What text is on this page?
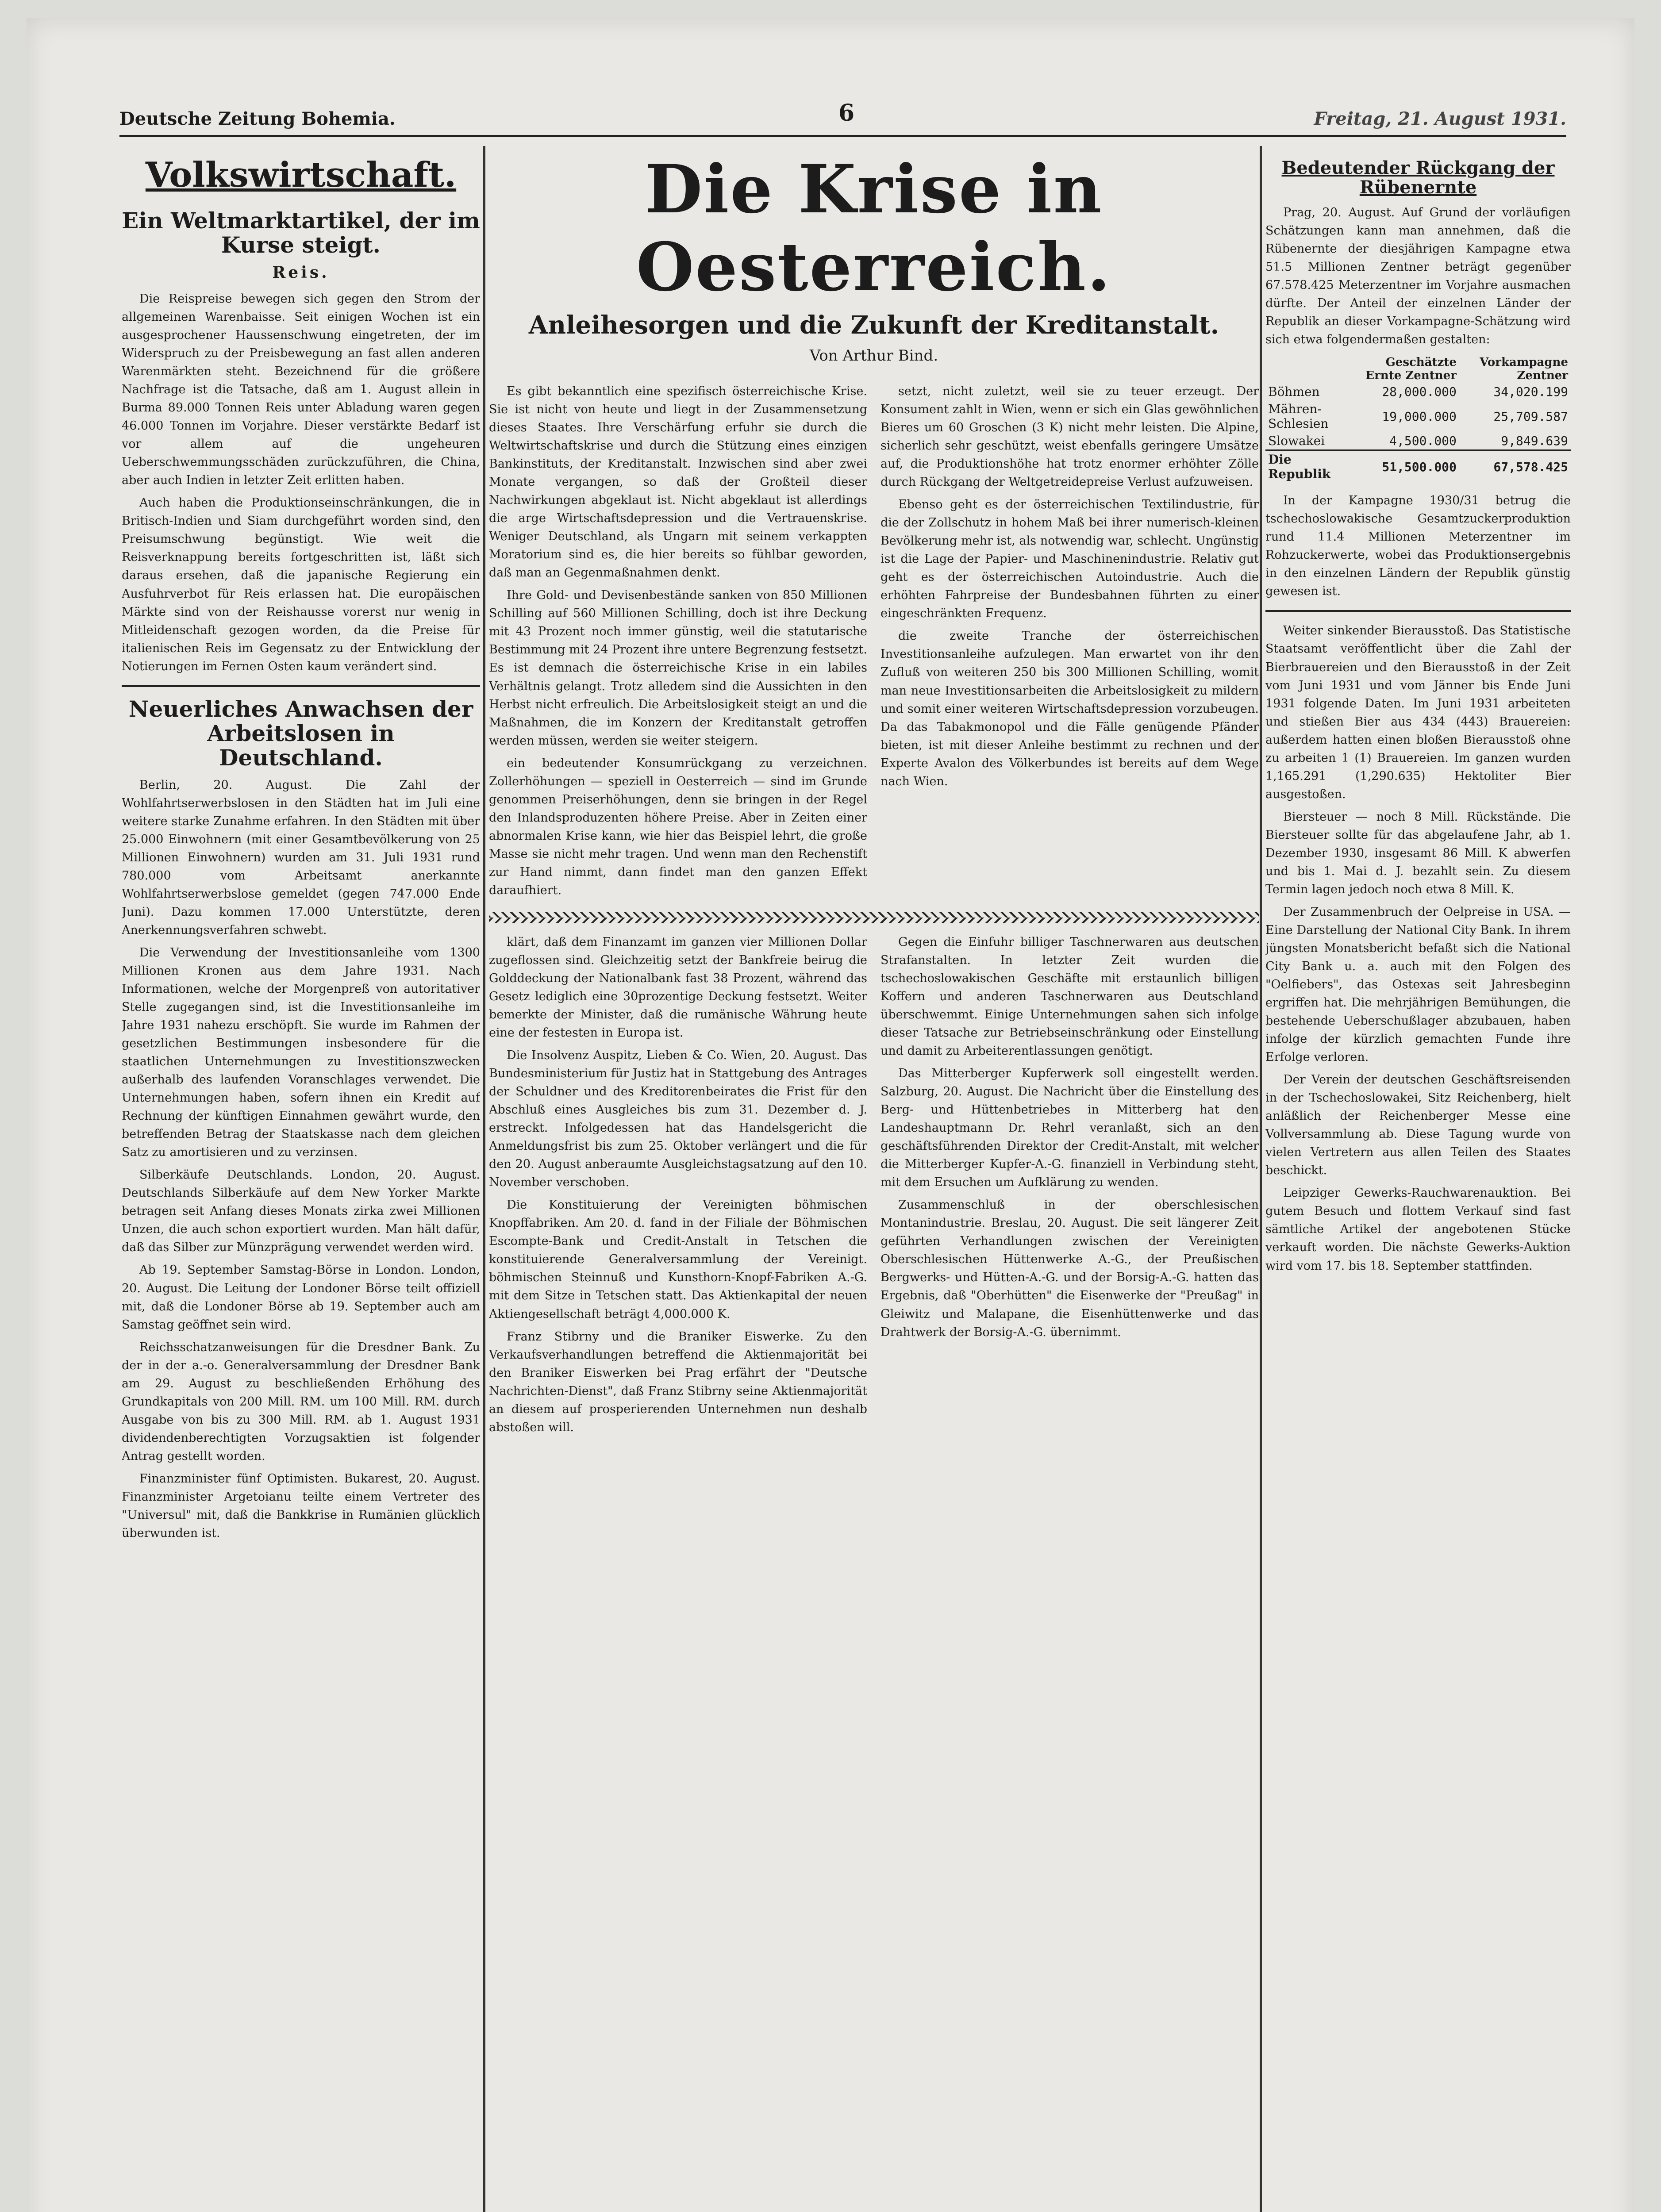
Deutsche Zeitung Bohemia.	6	Freitag, 21. August 1931.
Volkswirtschaft.
Ein Weltmarktartikel, der im Kurse steigt.
Reis.

Die Reispreise bewegen sich gegen den Strom der allgemeinen Warenbaisse. Seit einigen Wochen ist ein ausgesprochener Haussenschwung eingetreten, der im Widerspruch zu der Preisbewegung an fast allen anderen Warenmärkten steht. Bezeichnend für die größere Nachfrage ist die Tatsache, daß am 1. August allein in Burma 89.000 Tonnen Reis unter Abladung waren gegen 46.000 Tonnen im Vorjahre. Dieser verstärkte Bedarf ist vor allem auf die ungeheuren Ueberschwemmungsschäden zurückzuführen, die China, aber auch Indien in letzter Zeit erlitten haben.

Auch haben die Produktionseinschränkungen, die in Britisch-Indien und Siam durchgeführt worden sind, den Preisumschwung begünstigt. Wie weit die Reisverknappung bereits fortgeschritten ist, läßt sich daraus ersehen, daß die japanische Regierung ein Ausfuhrverbot für Reis erlassen hat. Die europäischen Märkte sind von der Reishausse vorerst nur wenig in Mitleidenschaft gezogen worden, da die Preise für italienischen Reis im Gegensatz zu der Entwicklung der Notierungen im Fernen Osten kaum verändert sind.

Neuerliches Anwachsen der Arbeitslosen in Deutschland.

Berlin, 20. August. Die Zahl der Wohlfahrtserwerbslosen in den Städten hat im Juli eine weitere starke Zunahme erfahren. In den Städten mit über 25.000 Einwohnern (mit einer Gesamtbevölkerung von 25 Millionen Einwohnern) wurden am 31. Juli 1931 rund 780.000 vom Arbeitsamt anerkannte Wohlfahrtserwerbslose gemeldet (gegen 747.000 Ende Juni). Dazu kommen 17.000 Unterstützte, deren Anerkennungsverfahren schwebt.

Die Verwendung der Investitionsanleihe vom 1300 Millionen Kronen aus dem Jahre 1931. Nach Informationen, welche der Morgenpreß von autoritativer Stelle zugegangen sind, ist die Investitionsanleihe im Jahre 1931 nahezu erschöpft. Sie wurde im Rahmen der gesetzlichen Bestimmungen insbesondere für die staatlichen Unternehmungen zu Investitionszwecken außerhalb des laufenden Voranschlages verwendet. Die Unternehmungen haben, sofern ihnen ein Kredit auf Rechnung der künftigen Einnahmen gewährt wurde, den betreffenden Betrag der Staatskasse nach dem gleichen Satz zu amortisieren und zu verzinsen.

Silberkäufe Deutschlands. London, 20. August. Deutschlands Silberkäufe auf dem New Yorker Markte betragen seit Anfang dieses Monats zirka zwei Millionen Unzen, die auch schon exportiert wurden. Man hält dafür, daß das Silber zur Münzprägung verwendet werden wird.

Ab 19. September Samstag-Börse in London. London, 20. August. Die Leitung der Londoner Börse teilt offiziell mit, daß die Londoner Börse ab 19. September auch am Samstag geöffnet sein wird.

Reichsschatzanweisungen für die Dresdner Bank. Zu der in der a.-o. Generalversammlung der Dresdner Bank am 29. August zu beschließenden Erhöhung des Grundkapitals von 200 Mill. RM. um 100 Mill. RM. durch Ausgabe von bis zu 300 Mill. RM. ab 1. August 1931 dividendenberechtigten Vorzugsaktien ist folgender Antrag gestellt worden.

Finanzminister fünf Optimisten. Bukarest, 20. August. Finanzminister Argetoianu teilte einem Vertreter des "Universul" mit, daß die Bankkrise in Rumänien glücklich überwunden ist.

Die Krise in Oesterreich.
Anleihesorgen und die Zukunft der Kreditanstalt.
Von Arthur Bind.

Es gibt bekanntlich eine spezifisch österreichische Krise. Sie ist nicht von heute und liegt in der Zusammensetzung dieses Staates. Ihre Verschärfung erfuhr sie durch die Weltwirtschaftskrise und durch die Stützung eines einzigen Bankinstituts, der Kreditanstalt. Inzwischen sind aber zwei Monate vergangen, so daß der Großteil dieser Nachwirkungen abgeklaut ist. Nicht abgeklaut ist allerdings die arge Wirtschaftsdepression und die Vertrauenskrise. Weniger Deutschland, als Ungarn mit seinem verkappten Moratorium sind es, die hier bereits so fühlbar geworden, daß man an Gegenmaßnahmen denkt.

Ihre Gold- und Devisenbestände sanken von 850 Millionen Schilling auf 560 Millionen Schilling, doch ist ihre Deckung mit 43 Prozent noch immer günstig, weil die statutarische Bestimmung mit 24 Prozent ihre untere Begrenzung festsetzt. Es ist demnach die österreichische Krise in ein labiles Verhältnis gelangt. Trotz alledem sind die Aussichten in den Herbst nicht erfreulich. Die Arbeitslosigkeit steigt an und die Maßnahmen, die im Konzern der Kreditanstalt getroffen werden müssen, werden sie weiter steigern.

ein bedeutender Konsumrückgang zu verzeichnen. Zollerhöhungen — speziell in Oesterreich — sind im Grunde genommen Preiserhöhungen, denn sie bringen in der Regel den Inlandsproduzenten höhere Preise. Aber in Zeiten einer abnormalen Krise kann, wie hier das Beispiel lehrt, die große Masse sie nicht mehr tragen. Und wenn man den Rechenstift zur Hand nimmt, dann findet man den ganzen Effekt daraufhiert.

setzt, nicht zuletzt, weil sie zu teuer erzeugt. Der Konsument zahlt in Wien, wenn er sich ein Glas gewöhnlichen Bieres um 60 Groschen (3 K) nicht mehr leisten. Die Alpine, sicherlich sehr geschützt, weist ebenfalls geringere Umsätze auf, die Produktionshöhe hat trotz enormer erhöhter Zölle durch Rückgang der Weltgetreidepreise Verlust aufzuweisen.

Ebenso geht es der österreichischen Textilindustrie, für die der Zollschutz in hohem Maß bei ihrer numerisch-kleinen Bevölkerung mehr ist, als notwendig war, schlecht. Ungünstig ist die Lage der Papier- und Maschinenindustrie. Relativ gut geht es der österreichischen Autoindustrie. Auch die erhöhten Fahrpreise der Bundesbahnen führten zu einer eingeschränkten Frequenz.

die zweite Tranche der österreichischen Investitionsanleihe aufzulegen. Man erwartet von ihr den Zufluß von weiteren 250 bis 300 Millionen Schilling, womit man neue Investitionsarbeiten die Arbeitslosigkeit zu mildern und somit einer weiteren Wirtschaftsdepression vorzubeugen. Da das Tabakmonopol und die Fälle genügende Pfänder bieten, ist mit dieser Anleihe bestimmt zu rechnen und der Experte Avalon des Völkerbundes ist bereits auf dem Wege nach Wien.

klärt, daß dem Finanzamt im ganzen vier Millionen Dollar zugeflossen sind. Gleichzeitig setzt der Bankfreie beirug die Golddeckung der Nationalbank fast 38 Prozent, während das Gesetz lediglich eine 30prozentige Deckung festsetzt. Weiter bemerkte der Minister, daß die rumänische Währung heute eine der festesten in Europa ist.

Die Insolvenz Auspitz, Lieben & Co. Wien, 20. August. Das Bundesministerium für Justiz hat in Stattgebung des Antrages der Schuldner und des Kreditorenbeirates die Frist für den Abschluß eines Ausgleiches bis zum 31. Dezember d. J. erstreckt. Infolgedessen hat das Handelsgericht die Anmeldungsfrist bis zum 25. Oktober verlängert und die für den 20. August anberaumte Ausgleichstagsatzung auf den 10. November verschoben.

Die Konstituierung der Vereinigten böhmischen Knopffabriken. Am 20. d. fand in der Filiale der Böhmischen Escompte-Bank und Credit-Anstalt in Tetschen die konstituierende Generalversammlung der Vereinigt. böhmischen Steinnuß und Kunsthorn-Knopf-Fabriken A.-G. mit dem Sitze in Tetschen statt. Das Aktienkapital der neuen Aktiengesellschaft beträgt 4,000.000 K.

Franz Stibrny und die Braniker Eiswerke. Zu den Verkaufsverhandlungen betreffend die Aktienmajorität bei den Braniker Eiswerken bei Prag erfährt der "Deutsche Nachrichten-Dienst", daß Franz Stibrny seine Aktienmajorität an diesem auf prosperierenden Unternehmen nun deshalb abstoßen will.

Gegen die Einfuhr billiger Taschnerwaren aus deutschen Strafanstalten. In letzter Zeit wurden die tschechoslowakischen Geschäfte mit erstaunlich billigen Koffern und anderen Taschnerwaren aus Deutschland überschwemmt. Einige Unternehmungen sahen sich infolge dieser Tatsache zur Betriebseinschränkung oder Einstellung und damit zu Arbeiterentlassungen genötigt.

Das Mitterberger Kupferwerk soll eingestellt werden. Salzburg, 20. August. Die Nachricht über die Einstellung des Berg- und Hüttenbetriebes in Mitterberg hat den Landeshauptmann Dr. Rehrl veranlaßt, sich an den geschäftsführenden Direktor der Credit-Anstalt, mit welcher die Mitterberger Kupfer-A.-G. finanziell in Verbindung steht, mit dem Ersuchen um Aufklärung zu wenden.

Zusammenschluß in der oberschlesischen Montanindustrie. Breslau, 20. August. Die seit längerer Zeit geführten Verhandlungen zwischen der Vereinigten Oberschlesischen Hüttenwerke A.-G., der Preußischen Bergwerks- und Hütten-A.-G. und der Borsig-A.-G. hatten das Ergebnis, daß "Oberhütten" die Eisenwerke der "Preußag" in Gleiwitz und Malapane, die Eisenhüttenwerke und das Drahtwerk der Borsig-A.-G. übernimmt.

Bedeutender Rückgang der Rübenernte

Prag, 20. August. Auf Grund der vorläufigen Schätzungen kann man annehmen, daß die Rübenernte der diesjährigen Kampagne etwa 51.5 Millionen Zentner beträgt gegenüber 67.578.425 Meterzentner im Vorjahre ausmachen dürfte. Der Anteil der einzelnen Länder der Republik an dieser Vorkampagne-Schätzung wird sich etwa folgendermaßen gestalten:

	Geschätzte Ernte Zentner	Vorkampagne Zentner
Böhmen	28,000.000	34,020.199
Mähren-Schlesien	19,000.000	25,709.587
Slowakei	4,500.000	9,849.639
Die Republik	51,500.000	67,578.425

In der Kampagne 1930/31 betrug die tschechoslowakische Gesamtzuckerproduktion rund 11.4 Millionen Meterzentner im Rohzuckerwerte, wobei das Produktionsergebnis in den einzelnen Ländern der Republik günstig gewesen ist.

Weiter sinkender Bierausstoß. Das Statistische Staatsamt veröffentlicht über die Zahl der Bierbrauereien und den Bierausstoß in der Zeit vom Juni 1931 und vom Jänner bis Ende Juni 1931 folgende Daten. Im Juni 1931 arbeiteten und stießen Bier aus 434 (443) Brauereien: außerdem hatten einen bloßen Bierausstoß ohne zu arbeiten 1 (1) Brauereien. Im ganzen wurden 1,165.291 (1,290.635) Hektoliter Bier ausgestoßen.

Biersteuer — noch 8 Mill. Rückstände. Die Biersteuer sollte für das abgelaufene Jahr, ab 1. Dezember 1930, insgesamt 86 Mill. K abwerfen und bis 1. Mai d. J. bezahlt sein. Zu diesem Termin lagen jedoch noch etwa 8 Mill. K.

Der Zusammenbruch der Oelpreise in USA. — Eine Darstellung der National City Bank. In ihrem jüngsten Monatsbericht befaßt sich die National City Bank u. a. auch mit den Folgen des "Oelfiebers", das Ostexas seit Jahresbeginn ergriffen hat. Die mehrjährigen Bemühungen, die bestehende Ueberschußlager abzubauen, haben infolge der kürzlich gemachten Funde ihre Erfolge verloren.

Der Verein der deutschen Geschäftsreisenden in der Tschechoslowakei, Sitz Reichenberg, hielt anläßlich der Reichenberger Messe eine Vollversammlung ab. Diese Tagung wurde von vielen Vertretern aus allen Teilen des Staates beschickt.

Leipziger Gewerks-Rauchwarenauktion. Bei gutem Besuch und flottem Verkauf sind fast sämtliche Artikel der angebotenen Stücke verkauft worden. Die nächste Gewerks-Auktion wird vom 17. bis 18. September stattfinden.
